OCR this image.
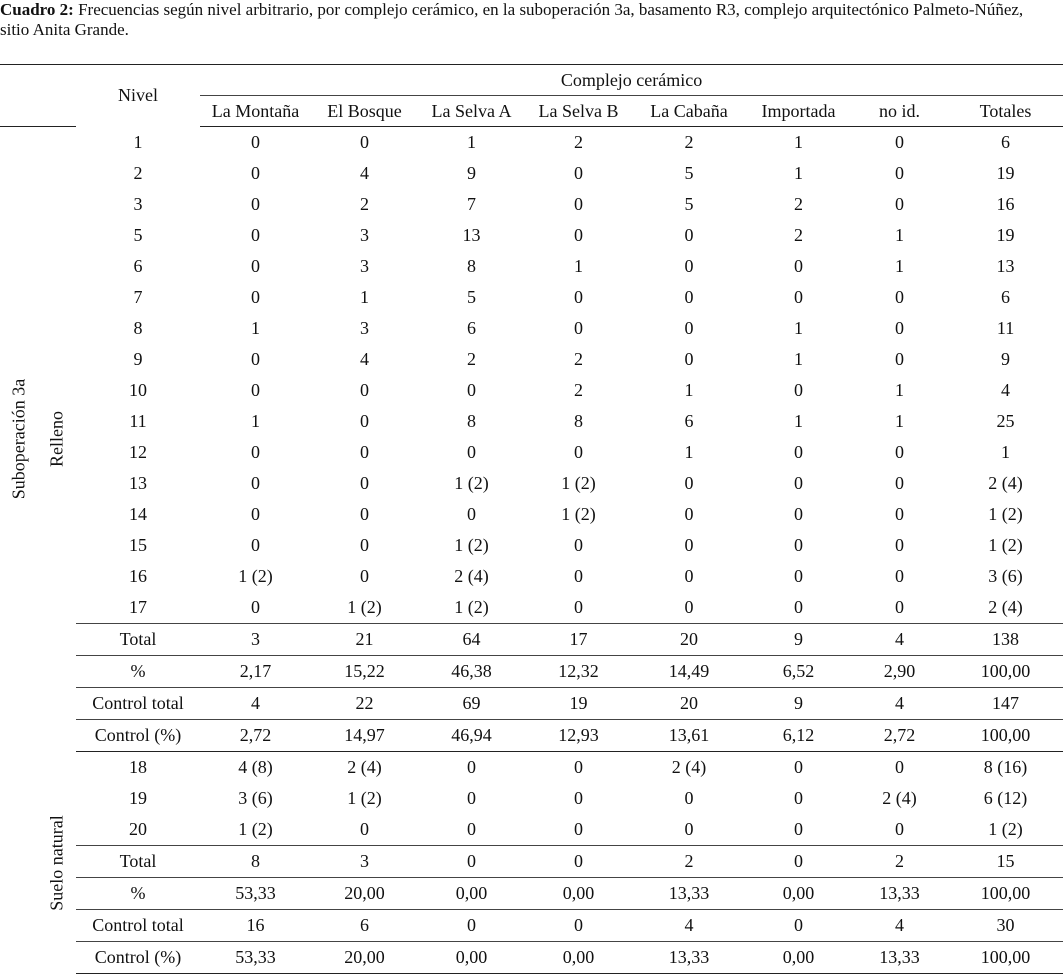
Cuadro 2: Frecuencias según nivel arbitrario, por complejo cerámico, en la suboperación 3a, basamento R3, complejo arquitectónico Palmeto-Núñez, sitio Anita Grande.

		Nivel	Complejo cerámico							
			La Montaña	El Bosque	La Selva A	La Selva B	La Cabaña	Importada	no id.	Totales

Suboperación 3a	Relleno	1	0	0	1	2	2	1	0	6
		2	0	4	9	0	5	1	0	19
		3	0	2	7	0	5	2	0	16
		5	0	3	13	0	0	2	1	19
		6	0	3	8	1	0	0	1	13
		7	0	1	5	0	0	0	0	6
		8	1	3	6	0	0	1	0	11
		9	0	4	2	2	0	1	0	9
		10	0	0	0	2	1	0	1	4
		11	1	0	8	8	6	1	1	25
		12	0	0	0	0	1	0	0	1
		13	0	0	1 (2)	1 (2)	0	0	0	2 (4)
		14	0	0	0	1 (2)	0	0	0	1 (2)
		15	0	0	1 (2)	0	0	0	0	1 (2)
		16	1 (2)	0	2 (4)	0	0	0	0	3 (6)
		17	0	1 (2)	1 (2)	0	0	0	0	2 (4)
		Total	3	21	64	17	20	9	4	138
		%	2,17	15,22	46,38	12,32	14,49	6,52	2,90	100,00
		Control total	4	22	69	19	20	9	4	147
		Control (%)	2,72	14,97	46,94	12,93	13,61	6,12	2,72	100,00

	Suelo natural	18	4 (8)	2 (4)	0	0	2 (4)	0	0	8 (16)
		19	3 (6)	1 (2)	0	0	0	0	2 (4)	6 (12)
		20	1 (2)	0	0	0	0	0	0	1 (2)
		Total	8	3	0	0	2	0	2	15
		%	53,33	20,00	0,00	0,00	13,33	0,00	13,33	100,00
		Control total	16	6	0	0	4	0	4	30
		Control (%)	53,33	20,00	0,00	0,00	13,33	0,00	13,33	100,00
